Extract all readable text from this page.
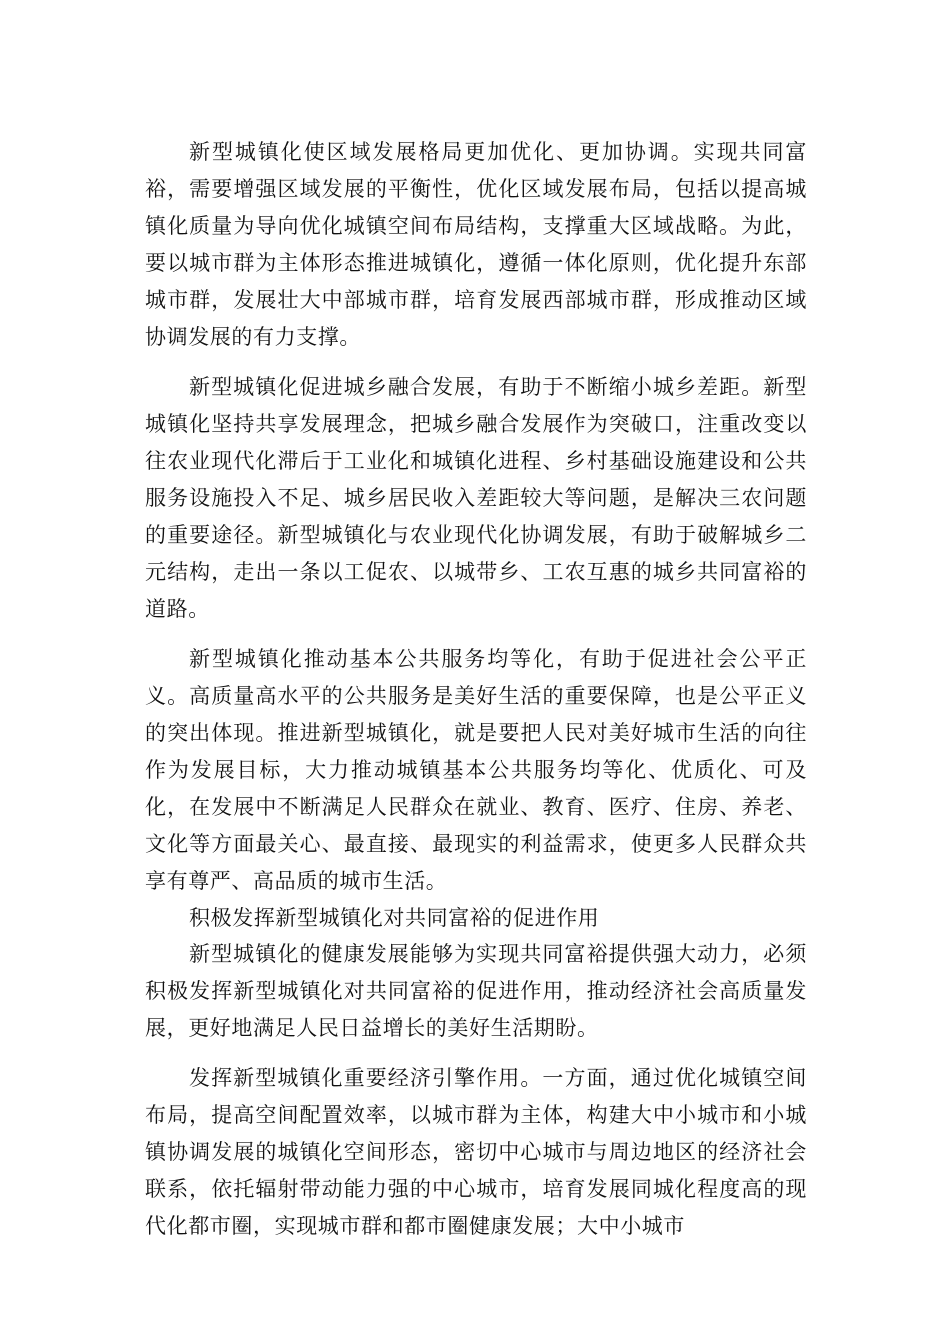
新型城镇化使区域发展格局更加优化、更加协调。实现共同富裕，需要增强区域发展的平衡性，优化区域发展布局，包括以提高城镇化质量为导向优化城镇空间布局结构，支撑重大区域战略。为此，要以城市群为主体形态推进城镇化，遵循一体化原则，优化提升东部城市群，发展壮大中部城市群，培育发展西部城市群，形成推动区域协调发展的有力支撑。

新型城镇化促进城乡融合发展，有助于不断缩小城乡差距。新型城镇化坚持共享发展理念，把城乡融合发展作为突破口，注重改变以往农业现代化滞后于工业化和城镇化进程、乡村基础设施建设和公共服务设施投入不足、城乡居民收入差距较大等问题，是解决三农问题的重要途径。新型城镇化与农业现代化协调发展，有助于破解城乡二元结构，走出一条以工促农、以城带乡、工农互惠的城乡共同富裕的道路。

新型城镇化推动基本公共服务均等化，有助于促进社会公平正义。高质量高水平的公共服务是美好生活的重要保障，也是公平正义的突出体现。推进新型城镇化，就是要把人民对美好城市生活的向往作为发展目标，大力推动城镇基本公共服务均等化、优质化、可及化，在发展中不断满足人民群众在就业、教育、医疗、住房、养老、文化等方面最关心、最直接、最现实的利益需求，使更多人民群众共享有尊严、高品质的城市生活。

积极发挥新型城镇化对共同富裕的促进作用

新型城镇化的健康发展能够为实现共同富裕提供强大动力，必须积极发挥新型城镇化对共同富裕的促进作用，推动经济社会高质量发展，更好地满足人民日益增长的美好生活期盼。

发挥新型城镇化重要经济引擎作用。一方面，通过优化城镇空间布局，提高空间配置效率，以城市群为主体，构建大中小城市和小城镇协调发展的城镇化空间形态，密切中心城市与周边地区的经济社会联系，依托辐射带动能力强的中心城市，培育发展同城化程度高的现代化都市圈，实现城市群和都市圈健康发展；大中小城市
